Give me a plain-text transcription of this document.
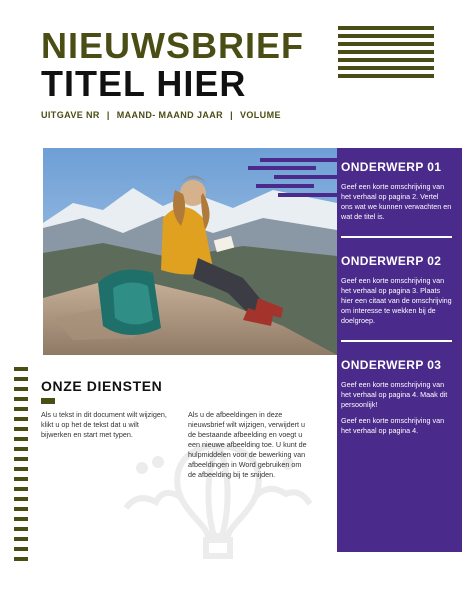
NIEUWSBRIEF
TITEL HIER
UITGAVE NR | MAAND- MAAND JAAR | VOLUME
ONDERWERP 01

Geef een korte omschrijving van het verhaal op pagina 2. Vertel ons wat we kunnen verwachten en wat de titel is.

ONDERWERP 02

Geef een korte omschrijving van het verhaal op pagina 3. Plaats hier een citaat van de omschrijving om interesse te wekken bij de doelgroep.

ONDERWERP 03

Geef een korte omschrijving van het verhaal op pagina 4. Maak dit persoonlijk!

Geef een korte omschrijving van het verhaal op pagina 4.

ONZE DIENSTEN
Als u tekst in dit document wilt wijzigen, klikt u op het de tekst dat u wilt bijwerken en start met typen.
Als u de afbeeldingen in deze nieuwsbrief wilt wijzigen, verwijdert u de bestaande afbeelding en voegt u een nieuwe afbeelding toe. U kunt de hulpmiddelen voor de bewerking van afbeeldingen in Word gebruiken om de afbeelding bij te snijden.
